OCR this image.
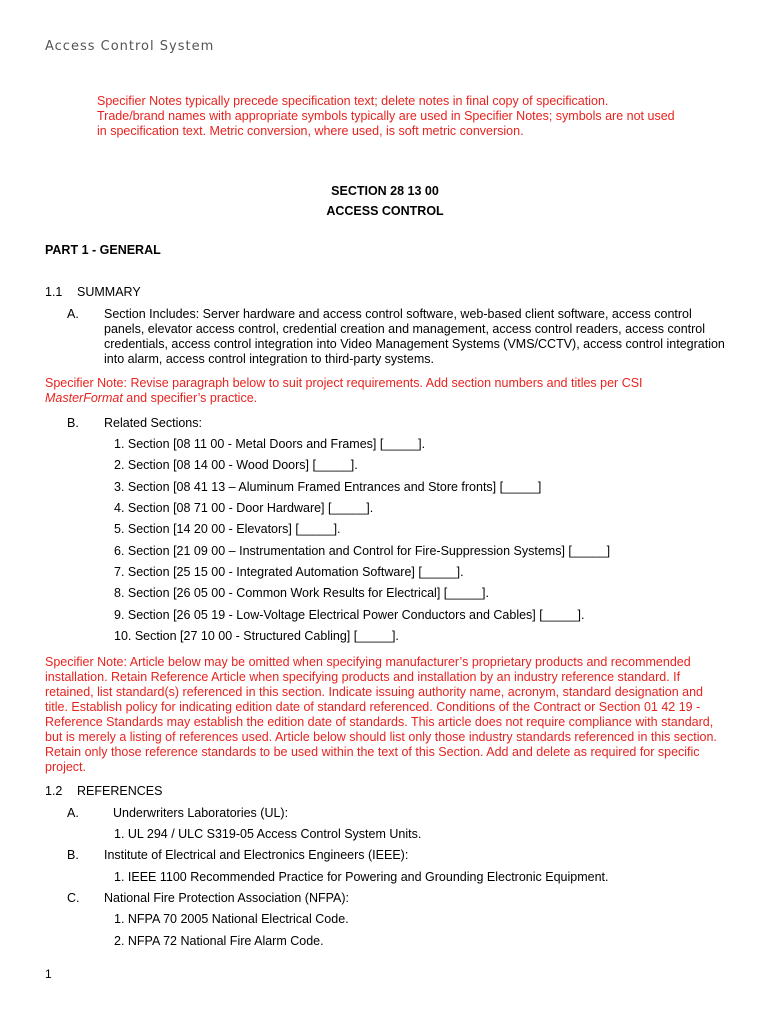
Access Control System
Specifier Notes typically precede specification text; delete notes in final copy of specification.
Trade/brand names with appropriate symbols typically are used in Specifier Notes; symbols are not used
in specification text. Metric conversion, where used, is soft metric conversion.
SECTION 28 13 00
ACCESS CONTROL
PART 1 - GENERAL
1.1 SUMMARY
A.	Section Includes: Server hardware and access control software, web-based client software, access control panels, elevator access control, credential creation and management, access control readers, access control credentials, access control integration into Video Management Systems (VMS/CCTV), access control integration into alarm, access control integration to third-party systems.
Specifier Note: Revise paragraph below to suit project requirements. Add section numbers and titles per CSI
MasterFormat and specifier’s practice.
B. Related Sections:
1. Section [08 11 00 - Metal Doors and Frames] [_____].
2. Section [08 14 00 - Wood Doors] [_____].
3. Section [08 41 13 – Aluminum Framed Entrances and Store fronts] [_____]
4. Section [08 71 00 - Door Hardware] [_____].
5. Section [14 20 00 - Elevators] [_____].
6. Section [21 09 00 – Instrumentation and Control for Fire-Suppression Systems] [_____]
7. Section [25 15 00 - Integrated Automation Software] [_____].
8. Section [26 05 00 - Common Work Results for Electrical] [_____].
9. Section [26 05 19 - Low-Voltage Electrical Power Conductors and Cables] [_____].
10. Section [27 10 00 - Structured Cabling] [_____].
Specifier Note: Article below may be omitted when specifying manufacturer’s proprietary products and recommended installation. Retain Reference Article when specifying products and installation by an industry reference standard. If retained, list standard(s) referenced in this section. Indicate issuing authority name, acronym, standard designation and title. Establish policy for indicating edition date of standard referenced. Conditions of the Contract or Section 01 42 19 - Reference Standards may establish the edition date of standards. This article does not require compliance with standard, but is merely a listing of references used. Article below should list only those industry standards referenced in this section. Retain only those reference standards to be used within the text of this Section. Add and delete as required for specific project.
1.2 REFERENCES
A.	Underwriters Laboratories (UL):
1. UL 294 / ULC S319-05 Access Control System Units.
B. Institute of Electrical and Electronics Engineers (IEEE):
1. IEEE 1100 Recommended Practice for Powering and Grounding Electronic Equipment.
C. National Fire Protection Association (NFPA):
1. NFPA 70 2005 National Electrical Code.
2. NFPA 72 National Fire Alarm Code.
1
